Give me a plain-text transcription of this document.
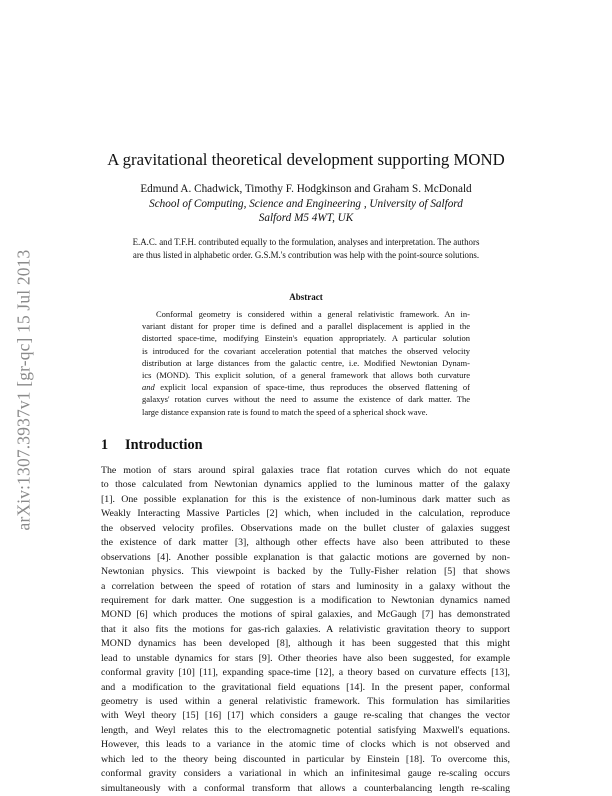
arXiv:1307.3937v1 [gr-qc] 15 Jul 2013
A gravitational theoretical development supporting MOND
Edmund A. Chadwick, Timothy F. Hodgkinson and Graham S. McDonald
School of Computing, Science and Engineering , University of Salford
Salford M5 4WT, UK
E.A.C. and T.F.H. contributed equally to the formulation, analyses and interpretation. The authors
are thus listed in alphabetic order. G.S.M.'s contribution was help with the point-source solutions.
Abstract
Conformal geometry is considered within a general relativistic framework. An in-
variant distant for proper time is defined and a parallel displacement is applied in the
distorted space-time, modifying Einstein's equation appropriately. A particular solution
is introduced for the covariant acceleration potential that matches the observed velocity
distribution at large distances from the galactic centre, i.e. Modified Newtonian Dynam-
ics (MOND). This explicit solution, of a general framework that allows both curvature
and explicit local expansion of space-time, thus reproduces the observed flattening of
galaxys' rotation curves without the need to assume the existence of dark matter. The
large distance expansion rate is found to match the speed of a spherical shock wave.
1 Introduction
The motion of stars around spiral galaxies trace flat rotation curves which do not equate
to those calculated from Newtonian dynamics applied to the luminous matter of the galaxy
[1]. One possible explanation for this is the existence of non-luminous dark matter such as
Weakly Interacting Massive Particles [2] which, when included in the calculation, reproduce
the observed velocity profiles. Observations made on the bullet cluster of galaxies suggest
the existence of dark matter [3], although other effects have also been attributed to these
observations [4]. Another possible explanation is that galactic motions are governed by non-
Newtonian physics. This viewpoint is backed by the Tully-Fisher relation [5] that shows
a correlation between the speed of rotation of stars and luminosity in a galaxy without the
requirement for dark matter. One suggestion is a modification to Newtonian dynamics named
MOND [6] which produces the motions of spiral galaxies, and McGaugh [7] has demonstrated
that it also fits the motions for gas-rich galaxies. A relativistic gravitation theory to support
MOND dynamics has been developed [8], although it has been suggested that this might
lead to unstable dynamics for stars [9]. Other theories have also been suggested, for example
conformal gravity [10] [11], expanding space-time [12], a theory based on curvature effects [13],
and a modification to the gravitational field equations [14]. In the present paper, conformal
geometry is used within a general relativistic framework. This formulation has similarities
with Weyl theory [15] [16] [17] which considers a gauge re-scaling that changes the vector
length, and Weyl relates this to the electromagnetic potential satisfying Maxwell's equations.
However, this leads to a variance in the atomic time of clocks which is not observed and
which led to the theory being discounted in particular by Einstein [18]. To overcome this,
conformal gravity considers a variational in which an infinitesimal gauge re-scaling occurs
simultaneously with a conformal transform that allows a counterbalancing length re-scaling
